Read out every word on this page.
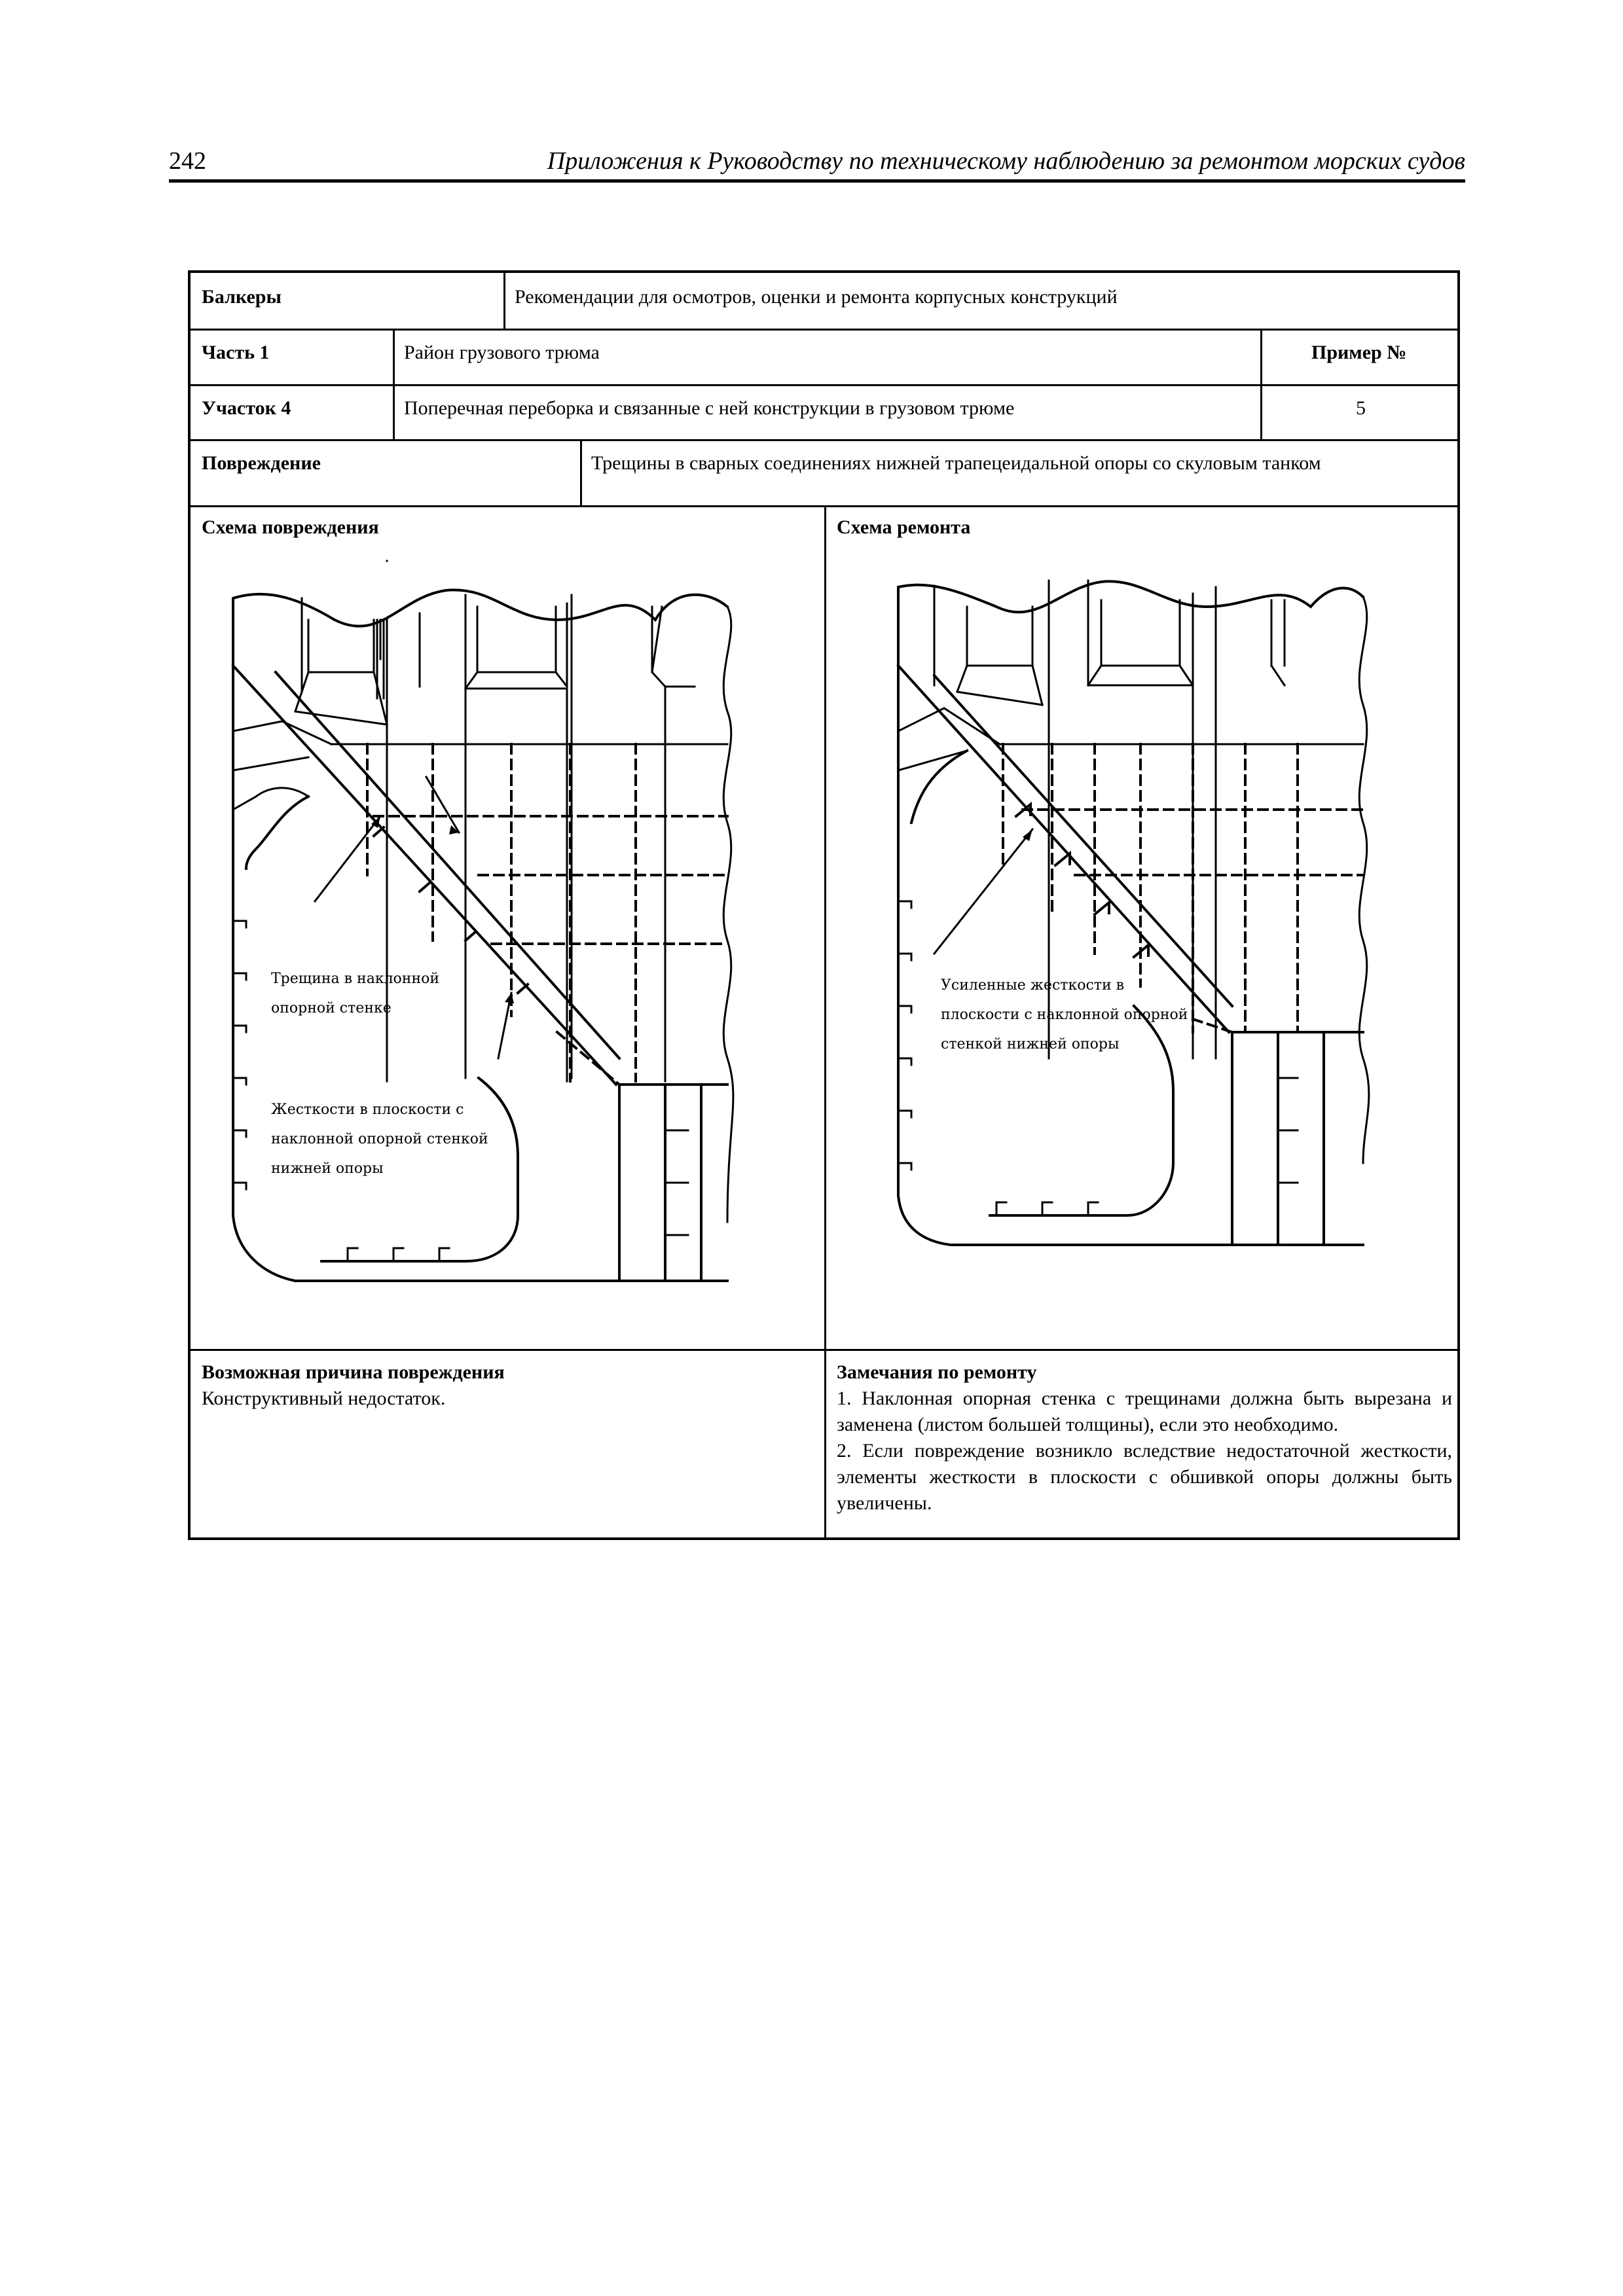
242	Приложения к Руководству по техническому наблюдению за ремонтом морских судов
Балкеры	Рекомендации для осмотров, оценки и ремонта корпусных конструкций
Часть 1	Район грузового трюма	Пример №
Участок 4	Поперечная переборка и связанные с ней конструкции в грузовом трюме	5
Повреждение	Трещины в сварных соединениях нижней трапецеидальной опоры со скуловым танком
Схема повреждения	Схема ремонта
Трещина в наклонной
опорной стенке
Жесткости в плоскости с
наклонной опорной стенкой
нижней опоры
Усиленные жесткости в
плоскости с наклонной опорной
стенкой нижней опоры
Возможная причина повреждения
Конструктивный недостаток.
Замечания по ремонту
1. Наклонная опорная стенка с трещинами должна быть вырезана и заменена (листом большей толщины), если это необходимо.
2. Если повреждение возникло вследствие недостаточной жесткости, элементы жесткости в плоскости с обшивкой опоры должны быть увеличены.
